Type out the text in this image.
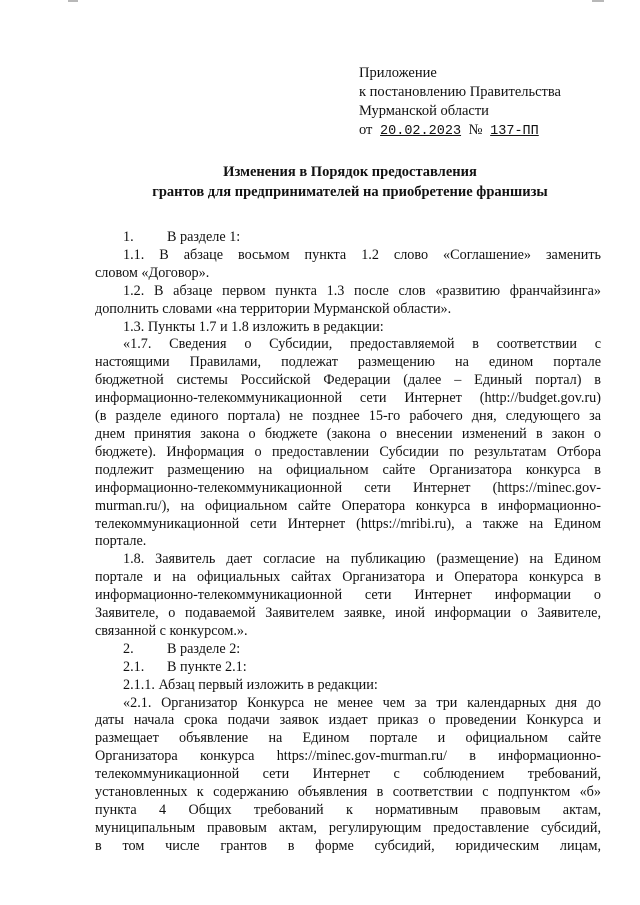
Приложение
к постановлению Правительства
Мурманской области
от 20.02.2023 № 137-ПП
Изменения в Порядок предоставления
грантов для предпринимателей на приобретение франшизы

1. В разделе 1:

1.1. В абзаце восьмом пункта 1.2 слово «Соглашение» заменить

словом «Договор».

1.2. В абзаце первом пункта 1.3 после слов «развитию франчайзинга»

дополнить словами «на территории Мурманской области».

1.3. Пункты 1.7 и 1.8 изложить в редакции:

«1.7. Сведения о Субсидии, предоставляемой в соответствии с

настоящими Правилами, подлежат размещению на едином портале

бюджетной системы Российской Федерации (далее – Единый портал) в

информационно-телекоммуникационной сети Интернет (http://budget.gov.ru)

(в разделе единого портала) не позднее 15-го рабочего дня, следующего за

днем принятия закона о бюджете (закона о внесении изменений в закон о

бюджете). Информация о предоставлении Субсидии по результатам Отбора

подлежит размещению на официальном сайте Организатора конкурса в

информационно-телекоммуникационной сети Интернет (https://minec.gov-

murman.ru/), на официальном сайте Оператора конкурса в информационно-

телекоммуникационной сети Интернет (https://mribi.ru), а также на Едином

портале.

1.8. Заявитель дает согласие на публикацию (размещение) на Едином

портале и на официальных сайтах Организатора и Оператора конкурса в

информационно-телекоммуникационной сети Интернет информации о

Заявителе, о подаваемой Заявителем заявке, иной информации о Заявителе,

связанной с конкурсом.».

2. В разделе 2:

2.1. В пункте 2.1:

2.1.1. Абзац первый изложить в редакции:

«2.1. Организатор Конкурса не менее чем за три календарных дня до

даты начала срока подачи заявок издает приказ о проведении Конкурса и

размещает объявление на Едином портале и официальном сайте

Организатора конкурса https://minec.gov-murman.ru/ в информационно-

телекоммуникационной сети Интернет с соблюдением требований,

установленных к содержанию объявления в соответствии с подпунктом «б»

пункта 4 Общих требований к нормативным правовым актам,

муниципальным правовым актам, регулирующим предоставление субсидий,

в том числе грантов в форме субсидий, юридическим лицам,
